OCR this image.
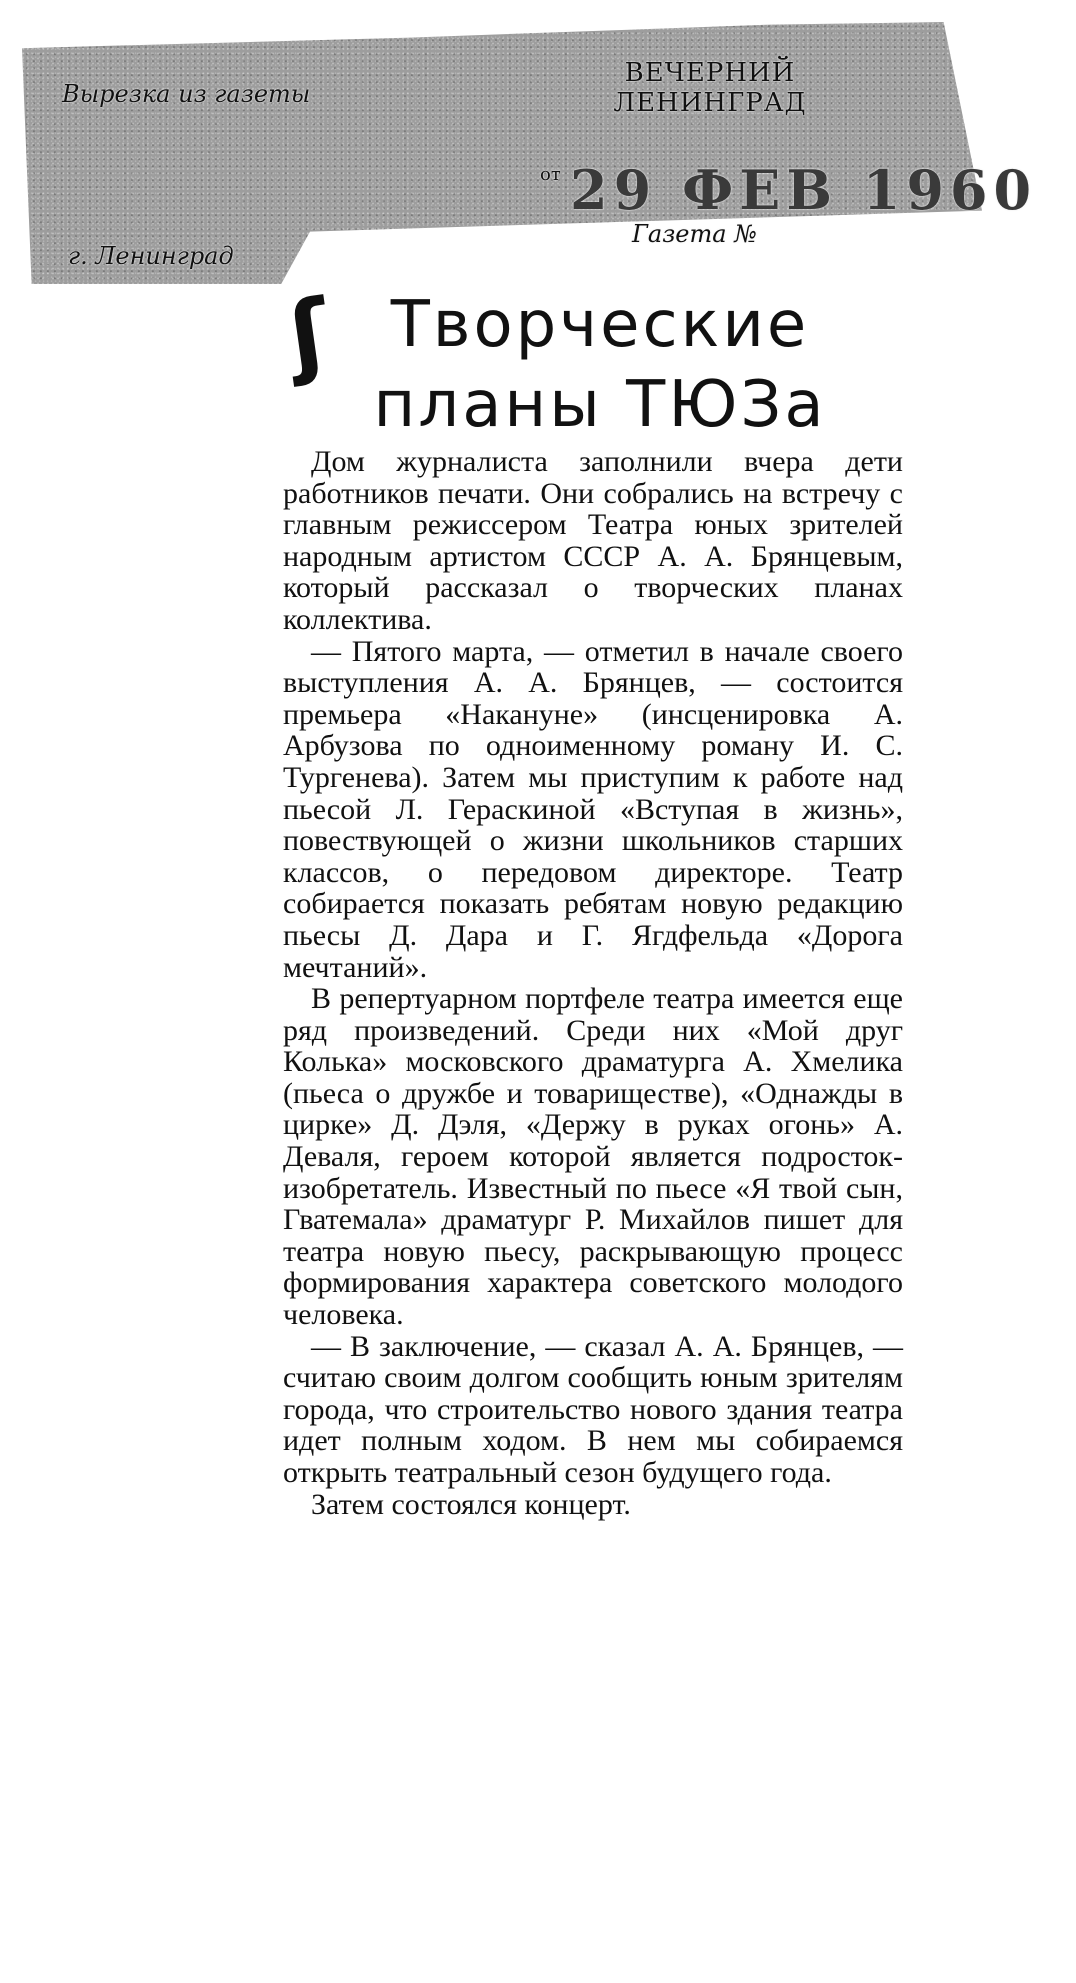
Вырезка из газеты
ВЕЧЕРНИЙ ЛЕНИНГРАД
от 29 ФЕВ 1960
г. Ленинград
Газета №
ʃ Творческие планы ТЮЗа

Дом журналиста заполнили вчера дети работников печати. Они собрались на встречу с главным режиссером Театра юных зрителей народным артистом СССР А. А. Брянцевым, который рассказал о творческих планах коллектива.

— Пятого марта, — отметил в начале своего выступления А. А. Брянцев, — состоится премьера «Накануне» (инсценировка А. Арбузова по одноименному роману И. С. Тургенева). Затем мы приступим к работе над пьесой Л. Гераскиной «Вступая в жизнь», повествующей о жизни школьников старших классов, о передовом директоре. Театр собирается показать ребятам новую редакцию пьесы Д. Дара и Г. Ягдфельда «Дорога мечтаний».

В репертуарном портфеле театра имеется еще ряд произведений. Среди них «Мой друг Колька» московского драматурга А. Хмелика (пьеса о дружбе и товариществе), «Однажды в цирке» Д. Дэля, «Держу в руках огонь» А. Деваля, героем которой является подросток-изобретатель. Известный по пьесе «Я твой сын, Гватемала» драматург Р. Михайлов пишет для театра новую пьесу, раскрывающую процесс формирования характера советского молодого человека.

— В заключение, — сказал А. А. Брянцев, — считаю своим долгом сообщить юным зрителям города, что строительство нового здания театра идет полным ходом. В нем мы собираемся открыть театральный сезон будущего года.

Затем состоялся концерт.
